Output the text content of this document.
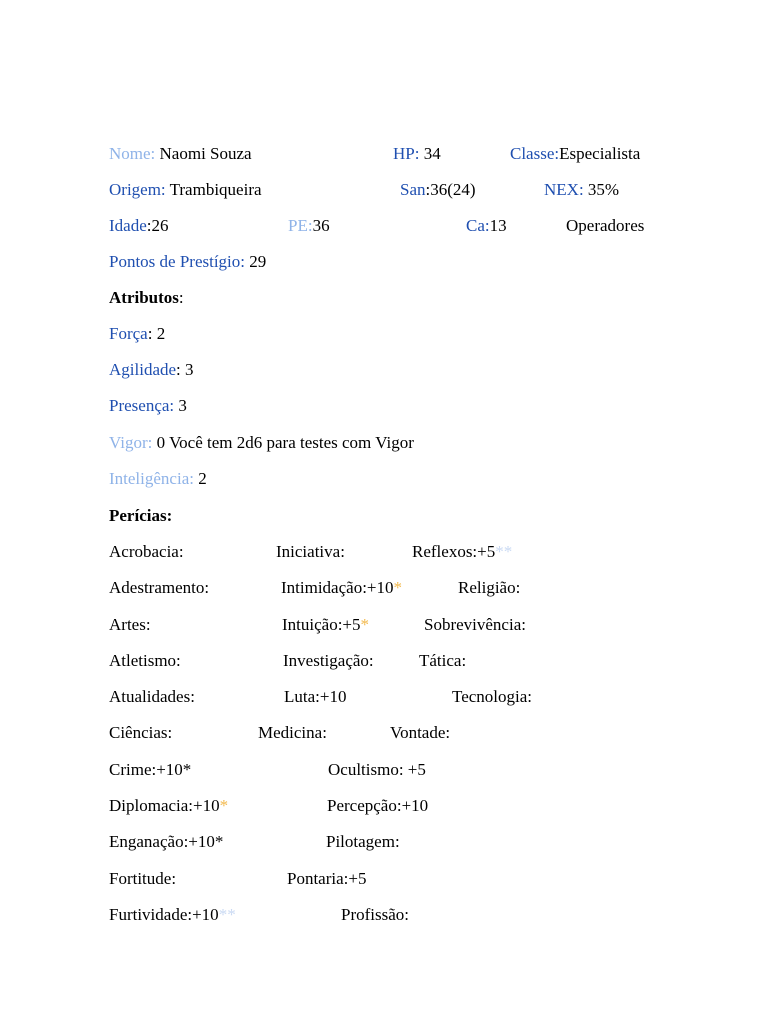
Nome: Naomi Souza	HP: 34	Classe:Especialista
Origem: Trambiqueira	San:36(24)	NEX: 35%
Idade:26	PE:36	Ca:13	Operadores
Pontos de Prestígio: 29
Atributos:
Força: 2
Agilidade: 3
Presença: 3
Vigor: 0 Você tem 2d6 para testes com Vigor
Inteligência: 2
Perícias:
Acrobacia:	Iniciativa:	Reflexos:+5**
Adestramento:	Intimidação:+10*	Religião:
Artes:	Intuição:+5*	Sobrevivência:
Atletismo:	Investigação:	Tática:
Atualidades:	Luta:+10	Tecnologia:
Ciências:	Medicina:	Vontade:
Crime:+10*	Ocultismo: +5
Diplomacia:+10*	Percepção:+10
Enganação:+10*	Pilotagem:
Fortitude:	Pontaria:+5
Furtividade:+10**	Profissão:
